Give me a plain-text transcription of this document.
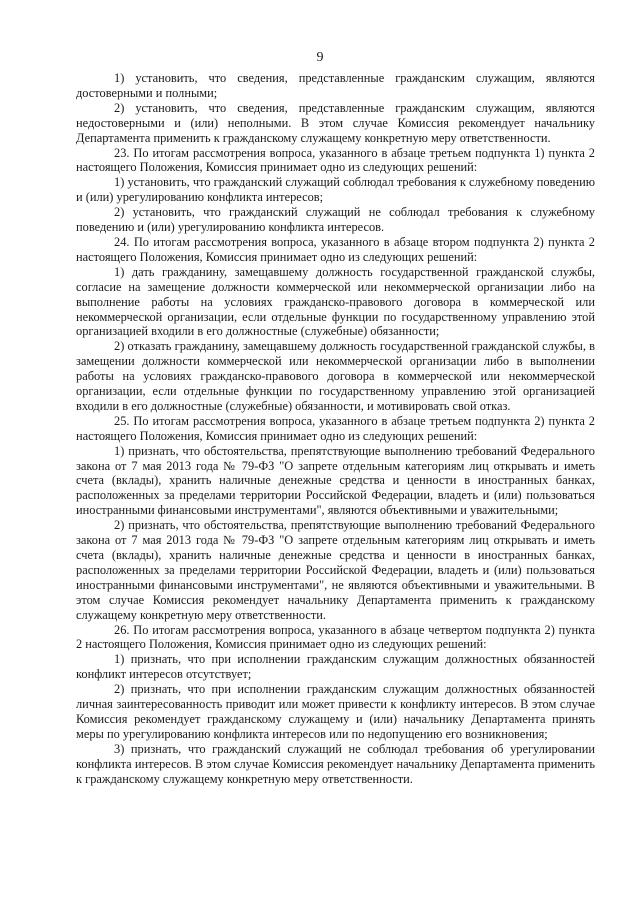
9

1) установить, что сведения, представленные гражданским служащим, являются достоверными и полными;

2) установить, что сведения, представленные гражданским служащим, являются недостоверными и (или) неполными. В этом случае Комиссия рекомендует начальнику Департамента применить к гражданскому служащему конкретную меру ответственности.

23. По итогам рассмотрения вопроса, указанного в абзаце третьем подпункта 1) пункта 2 настоящего Положения, Комиссия принимает одно из следующих решений:

1) установить, что гражданский служащий соблюдал требования к служебному поведению и (или) урегулированию конфликта интересов;

2) установить, что гражданский служащий не соблюдал требования к служебному поведению и (или) урегулированию конфликта интересов.

24. По итогам рассмотрения вопроса, указанного в абзаце втором подпункта 2) пункта 2 настоящего Положения, Комиссия принимает одно из следующих решений:

1) дать гражданину, замещавшему должность государственной гражданской службы, согласие на замещение должности коммерческой или некоммерческой организации либо на выполнение работы на условиях гражданско-правового договора в коммерческой или некоммерческой организации, если отдельные функции по государственному управлению этой организацией входили в его должностные (служебные) обязанности;

2) отказать гражданину, замещавшему должность государственной гражданской службы, в замещении должности коммерческой или некоммерческой организации либо в выполнении работы на условиях гражданско-правового договора в коммерческой или некоммерческой организации, если отдельные функции по государственному управлению этой организацией входили в его должностные (служебные) обязанности, и мотивировать свой отказ.

25. По итогам рассмотрения вопроса, указанного в абзаце третьем подпункта 2) пункта 2 настоящего Положения, Комиссия принимает одно из следующих решений:

1) признать, что обстоятельства, препятствующие выполнению требований Федерального закона от 7 мая 2013 года № 79-ФЗ "О запрете отдельным категориям лиц открывать и иметь счета (вклады), хранить наличные денежные средства и ценности в иностранных банках, расположенных за пределами территории Российской Федерации, владеть и (или) пользоваться иностранными финансовыми инструментами", являются объективными и уважительными;

2) признать, что обстоятельства, препятствующие выполнению требований Федерального закона от 7 мая 2013 года № 79-ФЗ "О запрете отдельным категориям лиц открывать и иметь счета (вклады), хранить наличные денежные средства и ценности в иностранных банках, расположенных за пределами территории Российской Федерации, владеть и (или) пользоваться иностранными финансовыми инструментами", не являются объективными и уважительными. В этом случае Комиссия рекомендует начальнику Департамента применить к гражданскому служащему конкретную меру ответственности.

26. По итогам рассмотрения вопроса, указанного в абзаце четвертом подпункта 2) пункта 2 настоящего Положения, Комиссия принимает одно из следующих решений:

1) признать, что при исполнении гражданским служащим должностных обязанностей конфликт интересов отсутствует;

2) признать, что при исполнении гражданским служащим должностных обязанностей личная заинтересованность приводит или может привести к конфликту интересов. В этом случае Комиссия рекомендует гражданскому служащему и (или) начальнику Департамента принять меры по урегулированию конфликта интересов или по недопущению его возникновения;

3) признать, что гражданский служащий не соблюдал требования об урегулировании конфликта интересов. В этом случае Комиссия рекомендует начальнику Департамента применить к гражданскому служащему конкретную меру ответственности.
